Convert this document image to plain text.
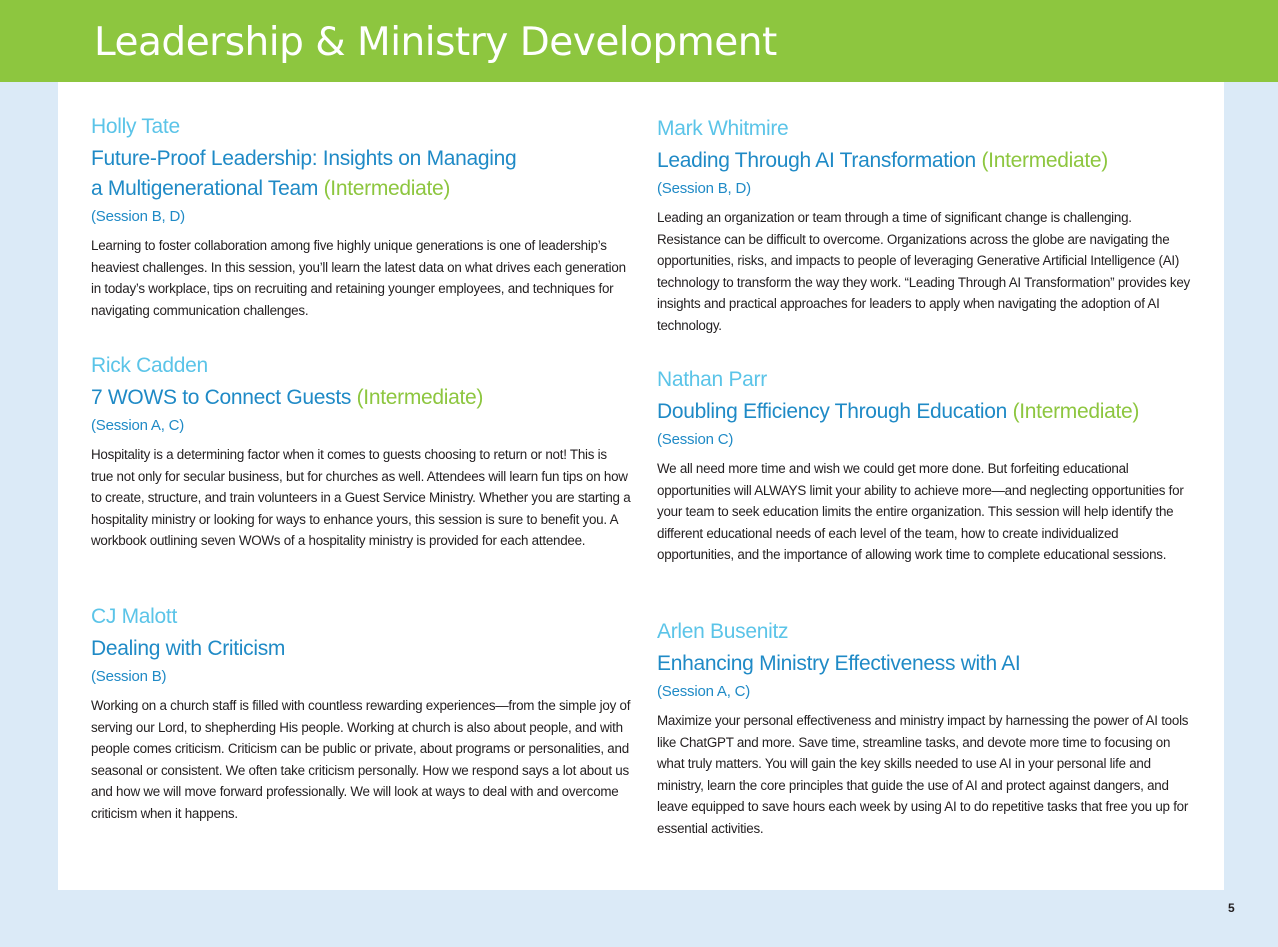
Leadership & Ministry Development

Holly Tate

Future-Proof Leadership: Insights on Managing a Multigenerational Team (Intermediate)

(Session B, D)

Learning to foster collaboration among five highly unique generations is one of leadership’s heaviest challenges. In this session, you’ll learn the latest data on what drives each generation in today’s workplace, tips on recruiting and retaining younger employees, and techniques for navigating communication challenges.

Rick Cadden

7 WOWS to Connect Guests (Intermediate)

(Session A, C)

Hospitality is a determining factor when it comes to guests choosing to return or not! This is true not only for secular business, but for churches as well. Attendees will learn fun tips on how to create, structure, and train volunteers in a Guest Service Ministry. Whether you are starting a hospitality ministry or looking for ways to enhance yours, this session is sure to benefit you. A workbook outlining seven WOWs of a hospitality ministry is provided for each attendee.

CJ Malott

Dealing with Criticism

(Session B)

Working on a church staff is filled with countless rewarding experiences—from the simple joy of serving our Lord, to shepherding His people. Working at church is also about people, and with people comes criticism. Criticism can be public or private, about programs or personalities, and seasonal or consistent. We often take criticism personally. How we respond says a lot about us and how we will move forward professionally. We will look at ways to deal with and overcome criticism when it happens.

Mark Whitmire

Leading Through AI Transformation (Intermediate)

(Session B, D)

Leading an organization or team through a time of significant change is challenging. Resistance can be difficult to overcome. Organizations across the globe are navigating the opportunities, risks, and impacts to people of leveraging Generative Artificial Intelligence (AI) technology to transform the way they work. “Leading Through AI Transformation” provides key insights and practical approaches for leaders to apply when navigating the adoption of AI technology.

Nathan Parr

Doubling Efficiency Through Education (Intermediate)

(Session C)

We all need more time and wish we could get more done. But forfeiting educational opportunities will ALWAYS limit your ability to achieve more—and neglecting opportunities for your team to seek education limits the entire organization. This session will help identify the different educational needs of each level of the team, how to create individualized opportunities, and the importance of allowing work time to complete educational sessions.

Arlen Busenitz

Enhancing Ministry Effectiveness with AI

(Session A, C)

Maximize your personal effectiveness and ministry impact by harnessing the power of AI tools like ChatGPT and more. Save time, streamline tasks, and devote more time to focusing on what truly matters. You will gain the key skills needed to use AI in your personal life and ministry, learn the core principles that guide the use of AI and protect against dangers, and leave equipped to save hours each week by using AI to do repetitive tasks that free you up for essential activities.

5
